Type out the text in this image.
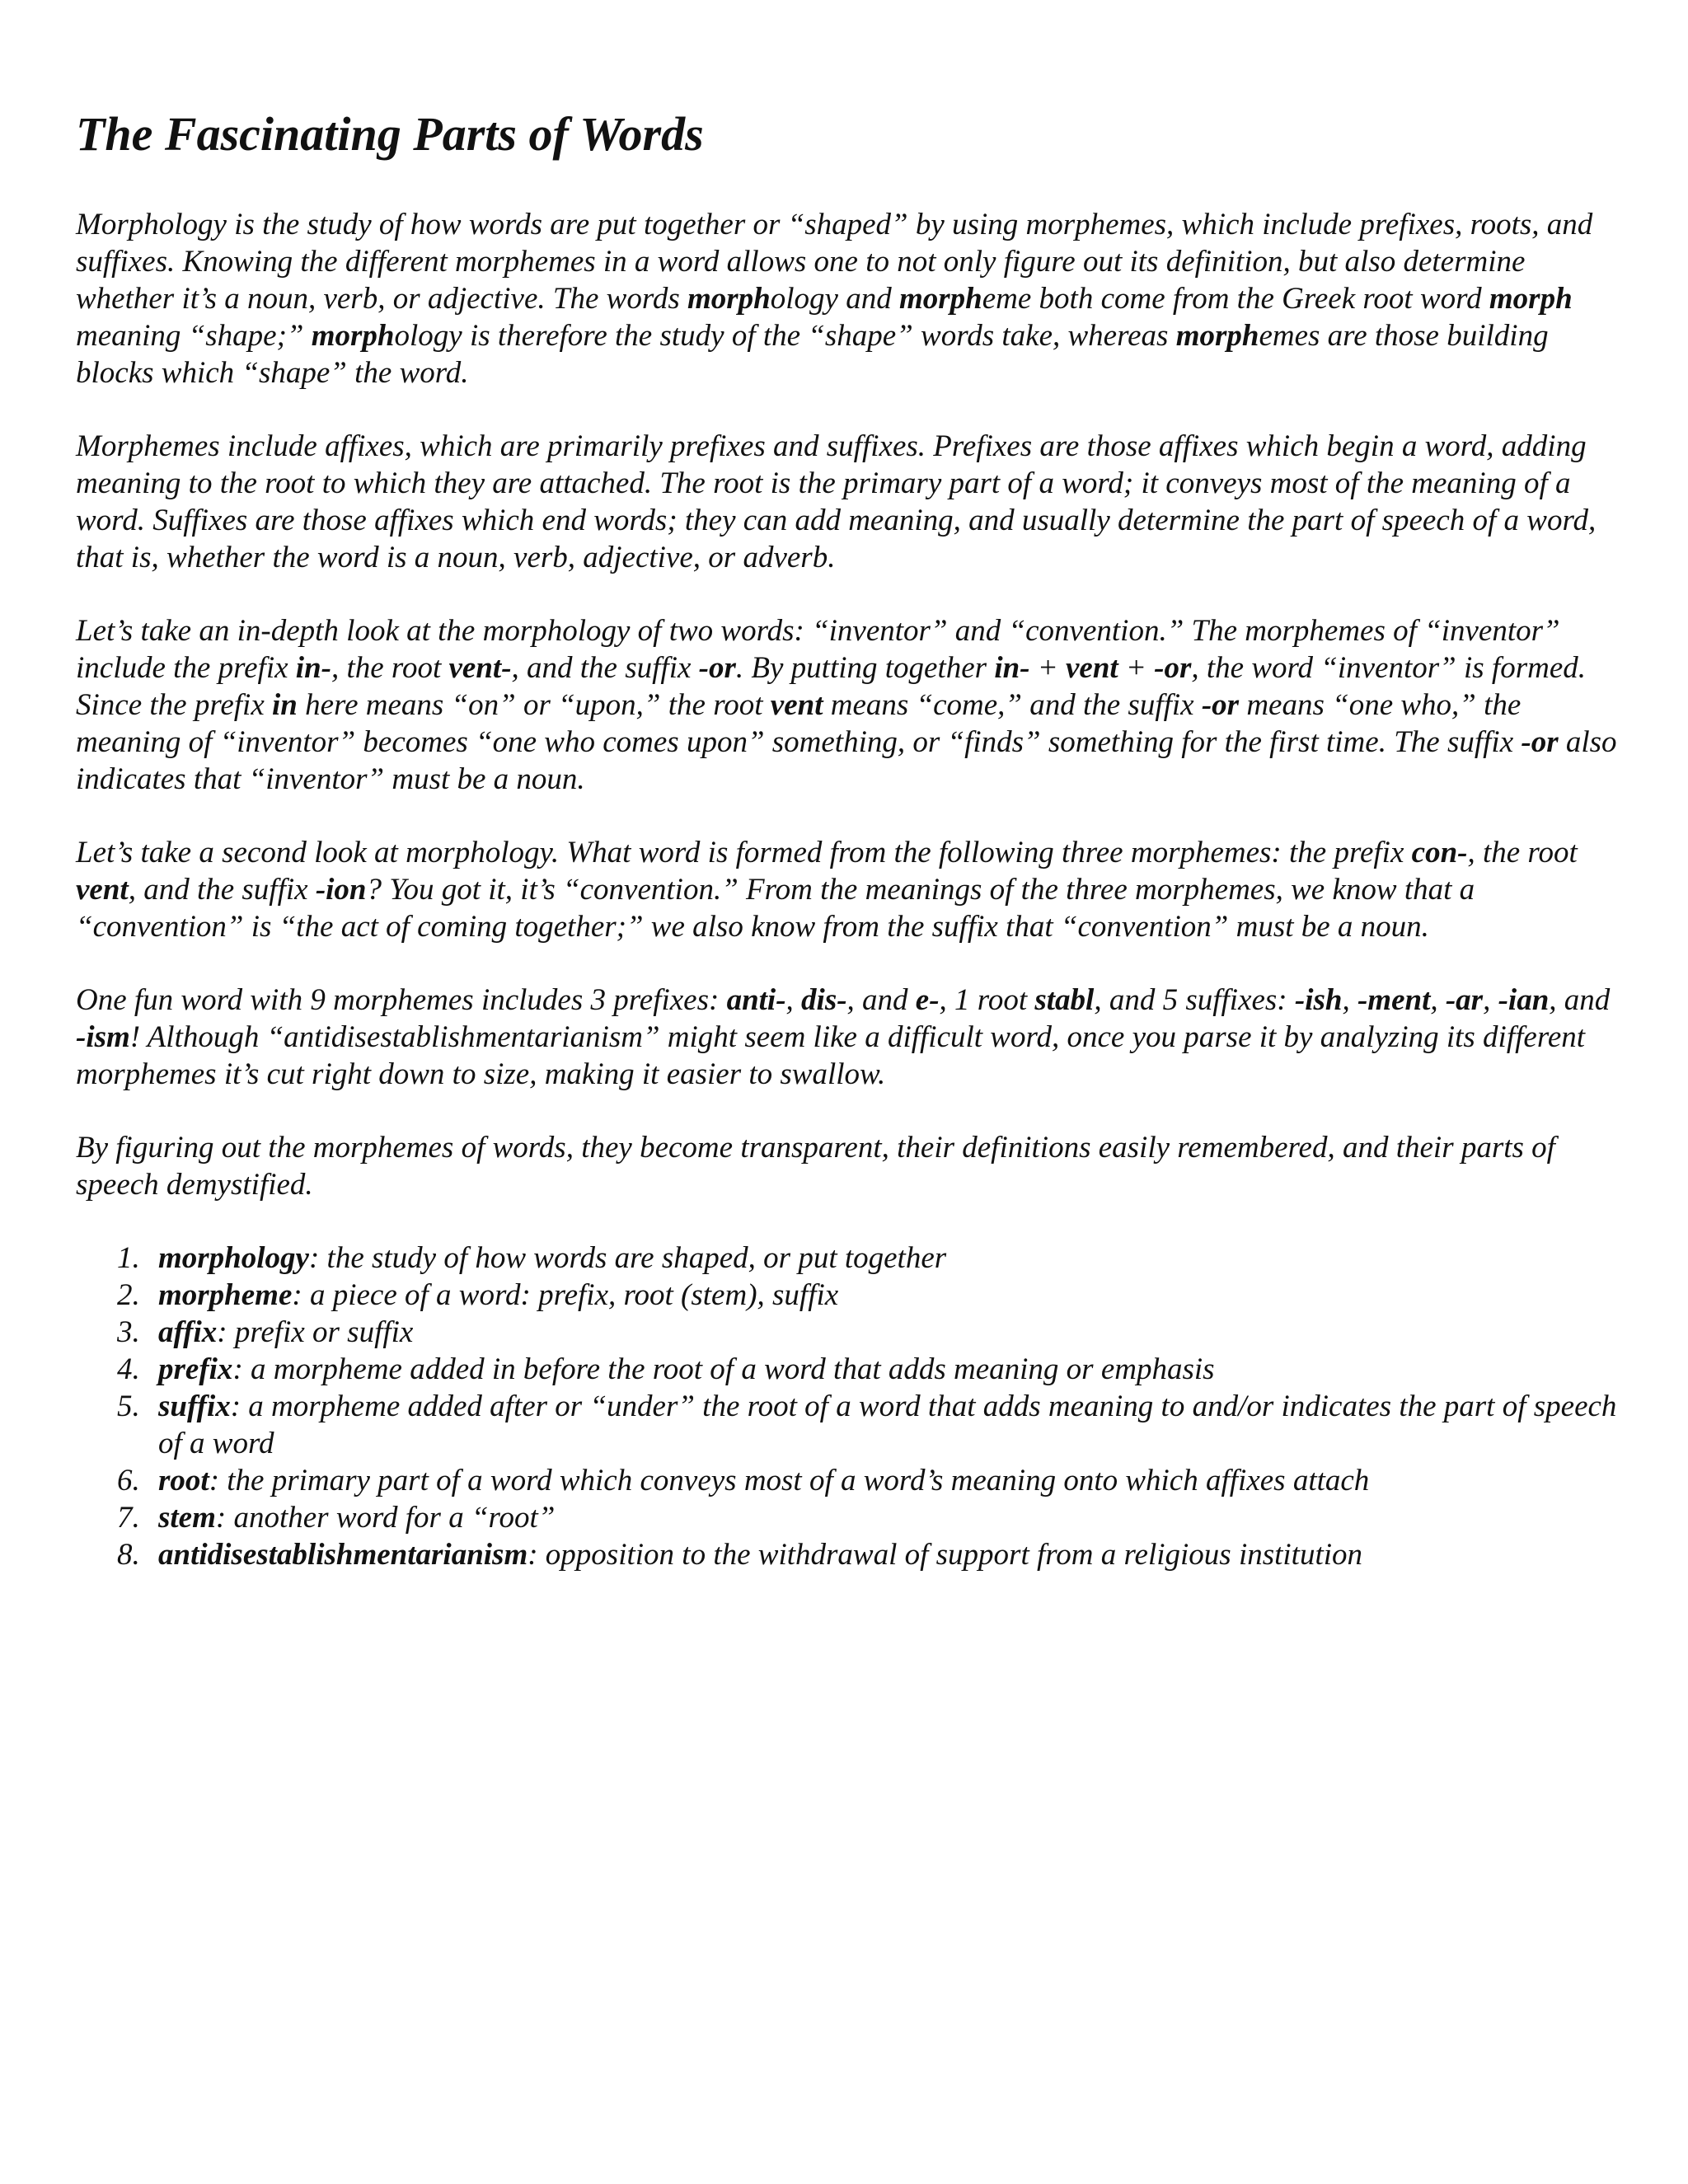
The Fascinating Parts of Words

Morphology is the study of how words are put together or “shaped” by using morphemes, which include prefixes, roots, and suffixes. Knowing the different morphemes in a word allows one to not only figure out its definition, but also determine whether it’s a noun, verb, or adjective. The words morphology and morpheme both come from the Greek root word morph meaning “shape;” morphology is therefore the study of the “shape” words take, whereas morphemes are those building blocks which “shape” the word.

Morphemes include affixes, which are primarily prefixes and suffixes. Prefixes are those affixes which begin a word, adding meaning to the root to which they are attached. The root is the primary part of a word; it conveys most of the meaning of a word. Suffixes are those affixes which end words; they can add meaning, and usually determine the part of speech of a word, that is, whether the word is a noun, verb, adjective, or adverb.

Let’s take an in-depth look at the morphology of two words: “inventor” and “convention.” The morphemes of “inventor” include the prefix in-, the root vent-, and the suffix -or. By putting together in- + vent + -or, the word “inventor” is formed. Since the prefix in here means “on” or “upon,” the root vent means “come,” and the suffix -or means “one who,” the meaning of “inventor” becomes “one who comes upon” something, or “finds” something for the first time. The suffix -or also indicates that “inventor” must be a noun.

Let’s take a second look at morphology. What word is formed from the following three morphemes: the prefix con-, the root vent, and the suffix -ion? You got it, it’s “convention.” From the meanings of the three morphemes, we know that a “convention” is “the act of coming together;” we also know from the suffix that “convention” must be a noun.

One fun word with 9 morphemes includes 3 prefixes: anti-, dis-, and e-, 1 root stabl, and 5 suffixes: -ish, -ment, -ar, -ian, and -ism! Although “antidisestablishmentarianism” might seem like a difficult word, once you parse it by analyzing its different morphemes it’s cut right down to size, making it easier to swallow.

By figuring out the morphemes of words, they become transparent, their definitions easily remembered, and their parts of speech demystified.

1. morphology: the study of how words are shaped, or put together
2. morpheme: a piece of a word: prefix, root (stem), suffix
3. affix: prefix or suffix
4. prefix: a morpheme added in before the root of a word that adds meaning or emphasis
5. suffix: a morpheme added after or “under” the root of a word that adds meaning to and/or indicates the part of speech of a word
6. root: the primary part of a word which conveys most of a word’s meaning onto which affixes attach
7. stem: another word for a “root”
8. antidisestablishmentarianism: opposition to the withdrawal of support from a religious institution
